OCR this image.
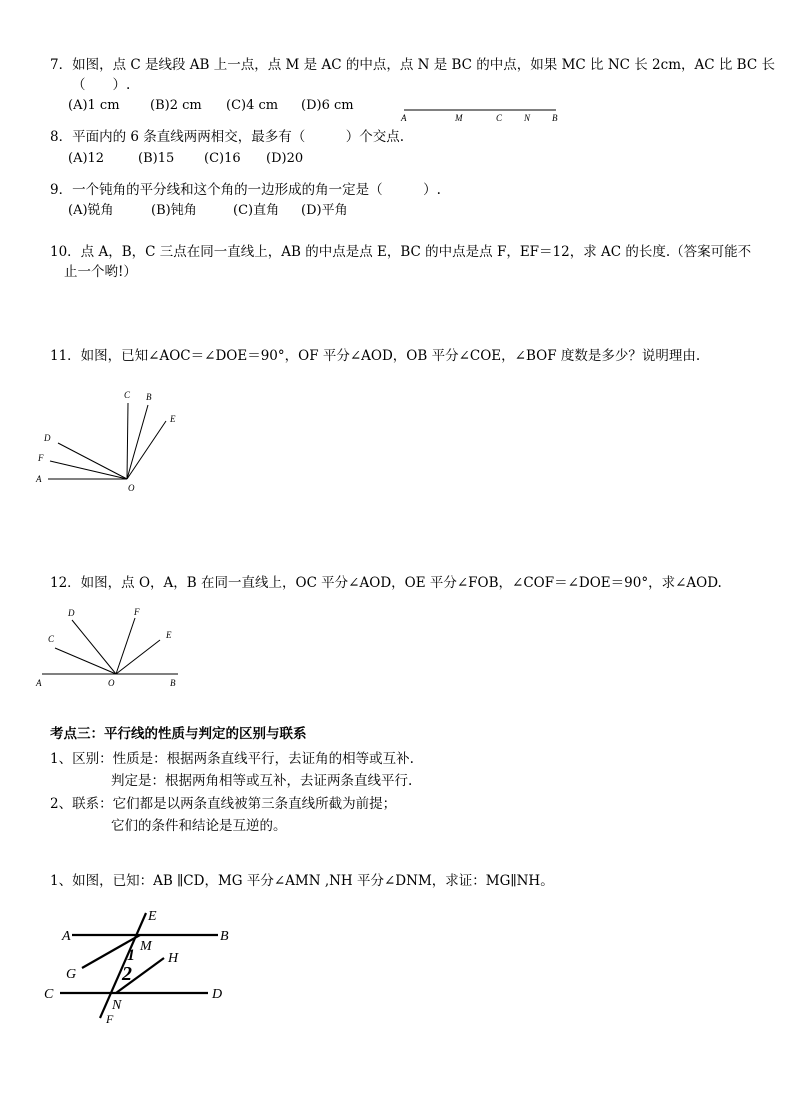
7．如图，点 C 是线段 AB 上一点，点 M 是 AC 的中点，点 N 是 BC 的中点，如果 MC 比 NC 长 2cm，AC 比 BC 长
（　　）.
(A)1 cm (B)2 cm (C)4 cm (D)6 cm
8．平面内的 6 条直线两两相交，最多有（　　　）个交点.
(A)12	(B)15 (C)16 (D)20
9．一个钝角的平分线和这个角的一边形成的角一定是（　　　）.
(A)锐角	(B)钝角	(C)直角 (D)平角
10．点 A，B，C 三点在同一直线上，AB 的中点是点 E，BC 的中点是点 F，EF＝12，求 AC 的长度.（答案可能不
止一个哟!）
11．如图，已知∠AOC＝∠DOE＝90°，OF 平分∠AOD，OB 平分∠COE，∠BOF 度数是多少？说明理由.
12．如图，点 O，A，B 在同一直线上，OC 平分∠AOD，OE 平分∠FOB，∠COF＝∠DOE＝90°，求∠AOD.
考点三：平行线的性质与判定的区别与联系
1、区别：性质是：根据两条直线平行，去证角的相等或互补.
判定是：根据两角相等或互补，去证两条直线平行.
2、联系：它们都是以两条直线被第三条直线所截为前提；
它们的条件和结论是互逆的。
1、如图，已知：AB ∥CD，MG 平分∠AMN ,NH 平分∠DNM，求证：MG∥NH。
A	M	C N B
C B
E
D
F
A
O
D	F
C	E
A	O	B
E
A	B
M
H
G
C	D
N
F
1
2
